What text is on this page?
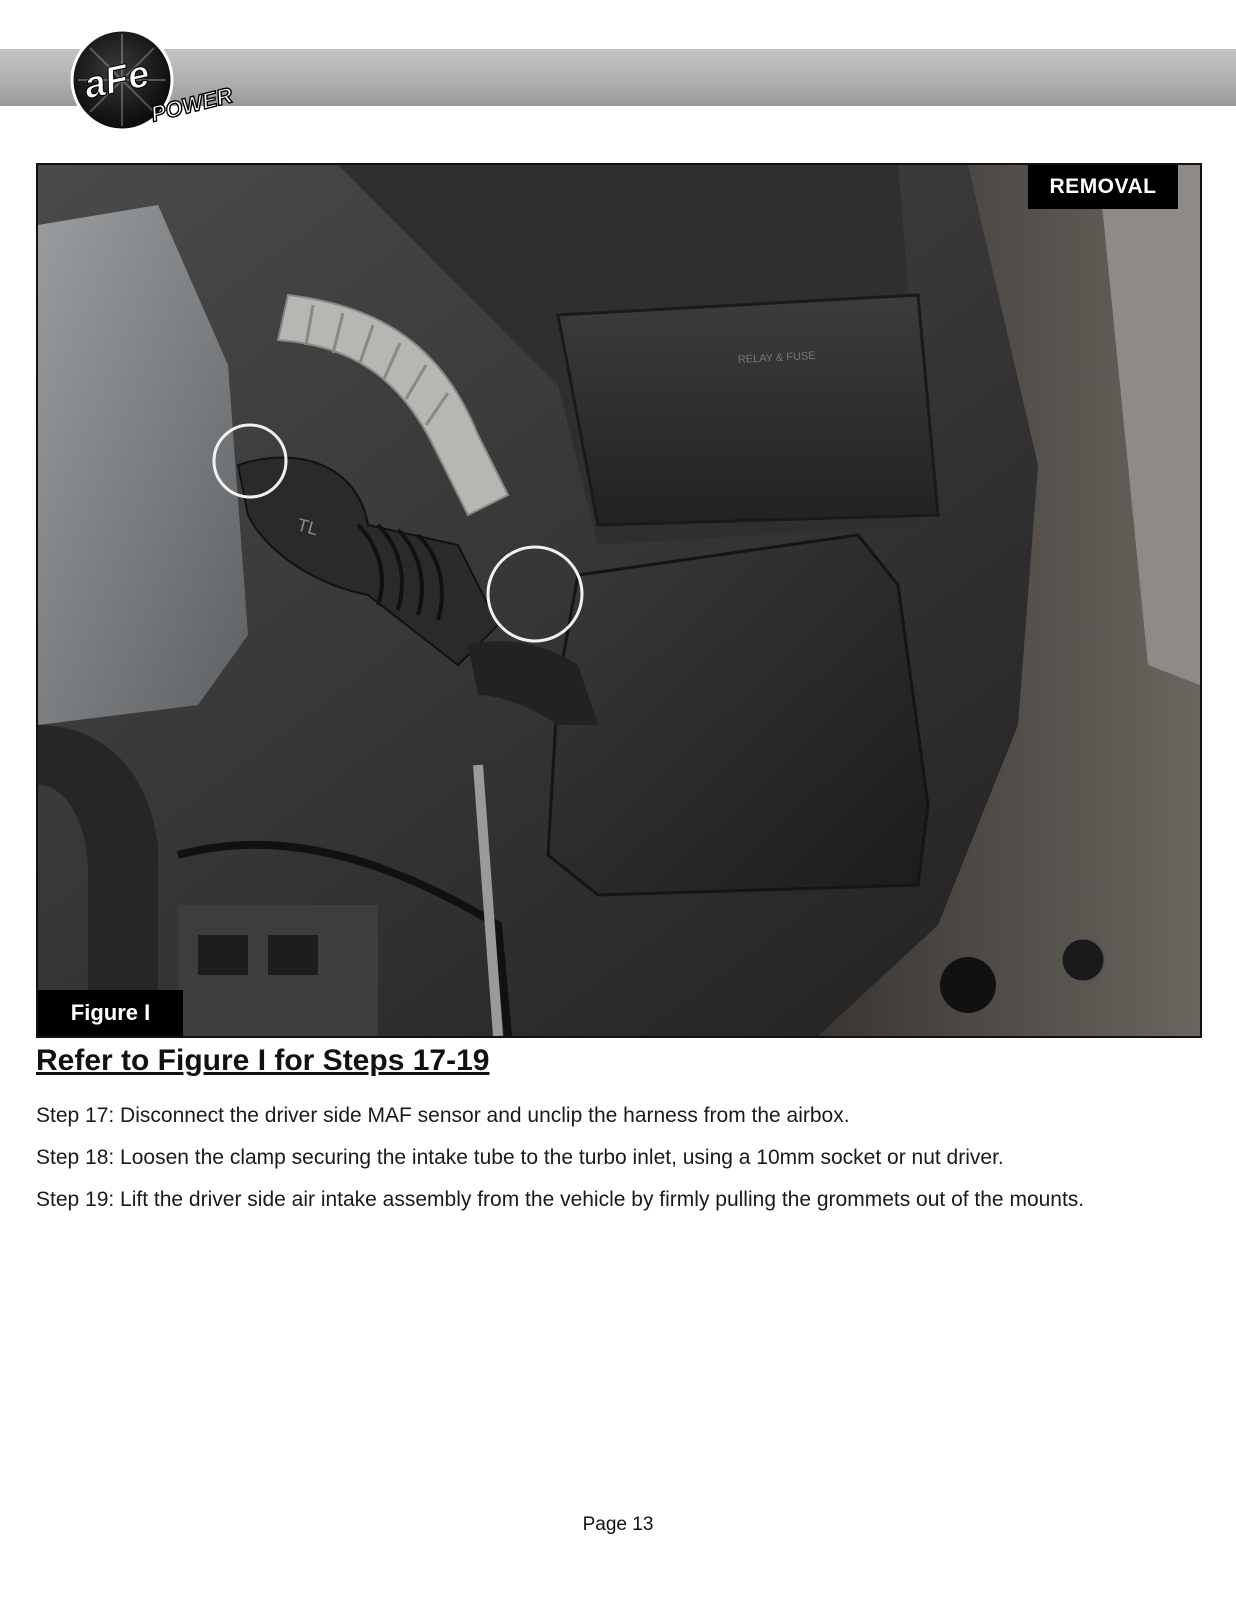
aFe
POWER
RELAY & FUSE
TL
REMOVAL
Figure I
Refer to Figure I for Steps 17-19
Step 17: Disconnect the driver side MAF sensor and unclip the harness from the airbox.
Step 18: Loosen the clamp securing the intake tube to the turbo inlet, using a 10mm socket or nut driver.
Step 19: Lift the driver side air intake assembly from the vehicle by firmly pulling the grommets out of the mounts.
Page 13
